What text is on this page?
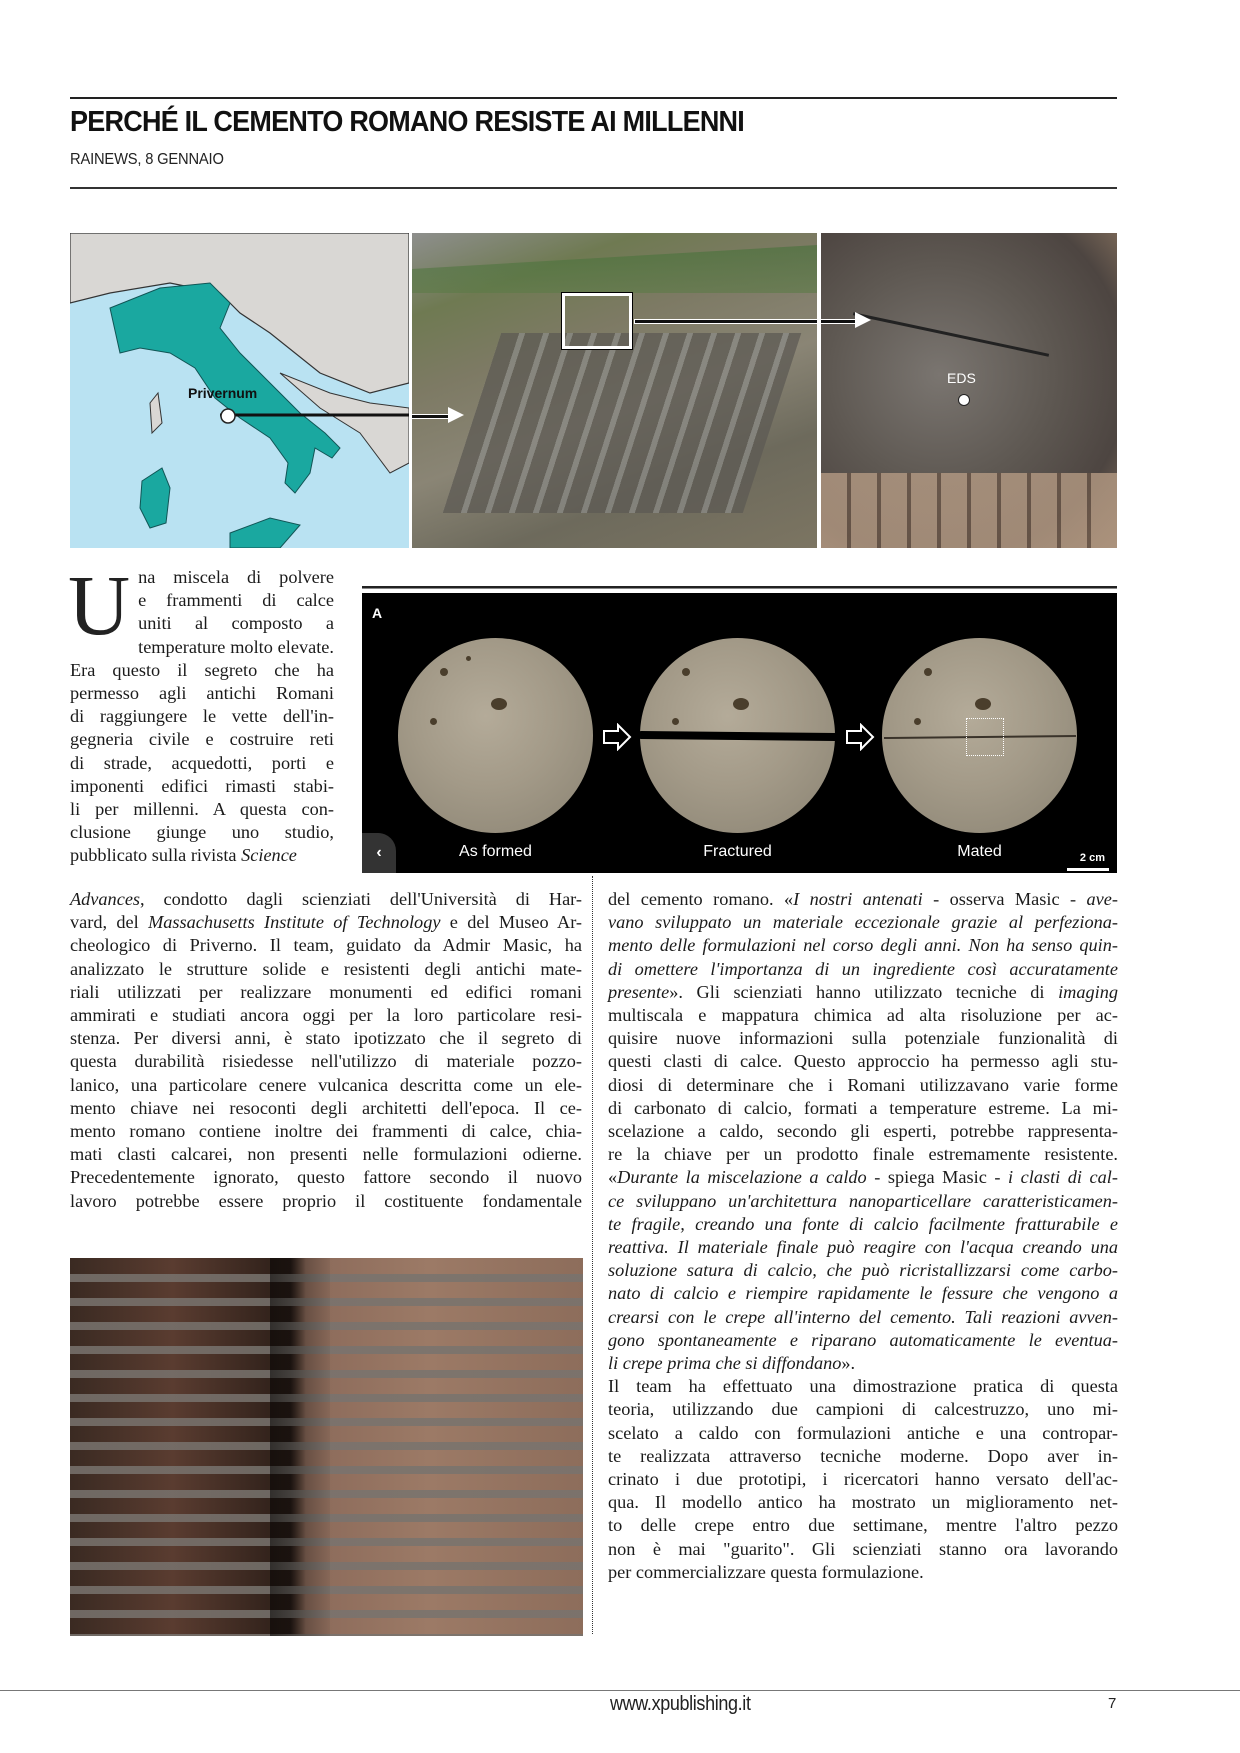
PERCHÉ IL CEMENTO ROMANO RESISTE AI MILLENNI
RAINEWS, 8 GENNAIO
Privernum
EDS
A
As formed	Fractured	Mated	2 cm
‹
U na miscela di polvere
e frammenti di calce
uniti al composto a
temperature molto elevate.
Era questo il segreto che ha
permesso agli antichi Romani
di raggiungere le vette dell'in-
gegneria civile e costruire reti
di strade, acquedotti, porti e
imponenti edifici rimasti stabi-
li per millenni. A questa con-
clusione giunge uno studio,
pubblicato sulla rivista Science
Advances, condotto dagli scienziati dell'Università di Har-
vard, del Massachusetts Institute of Technology e del Museo Ar-
cheologico di Priverno. Il team, guidato da Admir Masic, ha
analizzato le strutture solide e resistenti degli antichi mate-
riali utilizzati per realizzare monumenti ed edifici romani
ammirati e studiati ancora oggi per la loro particolare resi-
stenza. Per diversi anni, è stato ipotizzato che il segreto di
questa durabilità risiedesse nell'utilizzo di materiale pozzo-
lanico, una particolare cenere vulcanica descritta come un ele-
mento chiave nei resoconti degli architetti dell'epoca. Il ce-
mento romano contiene inoltre dei frammenti di calce, chia-
mati clasti calcarei, non presenti nelle formulazioni odierne.
Precedentemente ignorato, questo fattore secondo il nuovo
lavoro potrebbe essere proprio il costituente fondamentale
del cemento romano. «I nostri antenati - osserva Masic - ave-
vano sviluppato un materiale eccezionale grazie al perfeziona-
mento delle formulazioni nel corso degli anni. Non ha senso quin-
di omettere l'importanza di un ingrediente così accuratamente
presente». Gli scienziati hanno utilizzato tecniche di imaging
multiscala e mappatura chimica ad alta risoluzione per ac-
quisire nuove informazioni sulla potenziale funzionalità di
questi clasti di calce. Questo approccio ha permesso agli stu-
diosi di determinare che i Romani utilizzavano varie forme
di carbonato di calcio, formati a temperature estreme. La mi-
scelazione a caldo, secondo gli esperti, potrebbe rappresenta-
re la chiave per un prodotto finale estremamente resistente.
«Durante la miscelazione a caldo - spiega Masic - i clasti di cal-
ce sviluppano un'architettura nanoparticellare caratteristicamen-
te fragile, creando una fonte di calcio facilmente fratturabile e
reattiva. Il materiale finale può reagire con l'acqua creando una
soluzione satura di calcio, che può ricristallizzarsi come carbo-
nato di calcio e riempire rapidamente le fessure che vengono a
crearsi con le crepe all'interno del cemento. Tali reazioni avven-
gono spontaneamente e riparano automaticamente le eventua-
li crepe prima che si diffondano».
Il team ha effettuato una dimostrazione pratica di questa
teoria, utilizzando due campioni di calcestruzzo, uno mi-
scelato a caldo con formulazioni antiche e una contropar-
te realizzata attraverso tecniche moderne. Dopo aver in-
crinato i due prototipi, i ricercatori hanno versato dell'ac-
qua. Il modello antico ha mostrato un miglioramento net-
to delle crepe entro due settimane, mentre l'altro pezzo
non è mai "guarito". Gli scienziati stanno ora lavorando
per commercializzare questa formulazione.
www.xpublishing.it	7
